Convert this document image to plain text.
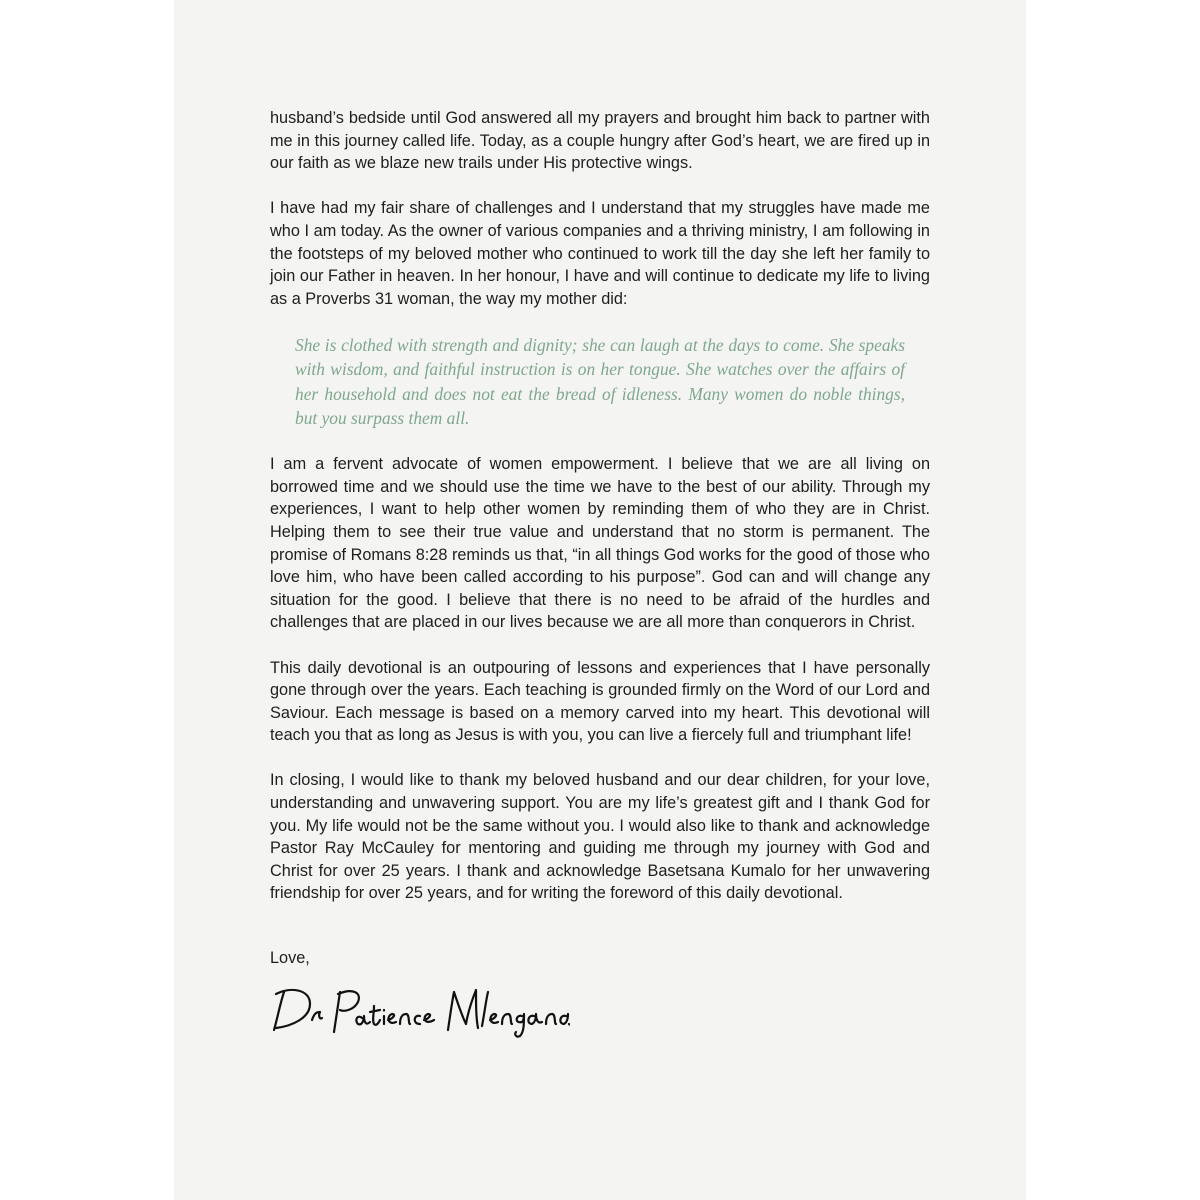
husband’s bedside until God answered all my prayers and brought him back to partner with me in this journey called life. Today, as a couple hungry after God’s heart, we are fired up in our faith as we blaze new trails under His protective wings.

I have had my fair share of challenges and I understand that my struggles have made me who I am today. As the owner of various companies and a thriving ministry, I am following in the footsteps of my beloved mother who continued to work till the day she left her family to join our Father in heaven. In her honour, I have and will continue to dedicate my life to living as a Proverbs 31 woman, the way my mother did:

She is clothed with strength and dignity; she can laugh at the days to come. She speaks with wisdom, and faithful instruction is on her tongue. She watches over the affairs of her household and does not eat the bread of idleness. Many women do noble things, but you surpass them all.

I am a fervent advocate of women empowerment. I believe that we are all living on borrowed time and we should use the time we have to the best of our ability. Through my experiences, I want to help other women by reminding them of who they are in Christ. Helping them to see their true value and understand that no storm is permanent. The promise of Romans 8:28 reminds us that, “in all things God works for the good of those who love him, who have been called according to his purpose”. God can and will change any situation for the good. I believe that there is no need to be afraid of the hurdles and challenges that are placed in our lives because we are all more than conquerors in Christ.

This daily devotional is an outpouring of lessons and experiences that I have personally gone through over the years. Each teaching is grounded firmly on the Word of our Lord and Saviour. Each message is based on a memory carved into my heart. This devotional will teach you that as long as Jesus is with you, you can live a fiercely full and triumphant life!

In closing, I would like to thank my beloved husband and our dear children, for your love, understanding and unwavering support. You are my life’s greatest gift and I thank God for you. My life would not be the same without you. I would also like to thank and acknowledge Pastor Ray McCauley for mentoring and guiding me through my journey with God and Christ for over 25 years. I thank and acknowledge Basetsana Kumalo for her unwavering friendship for over 25 years, and for writing the foreword of this daily devotional.

Love,
